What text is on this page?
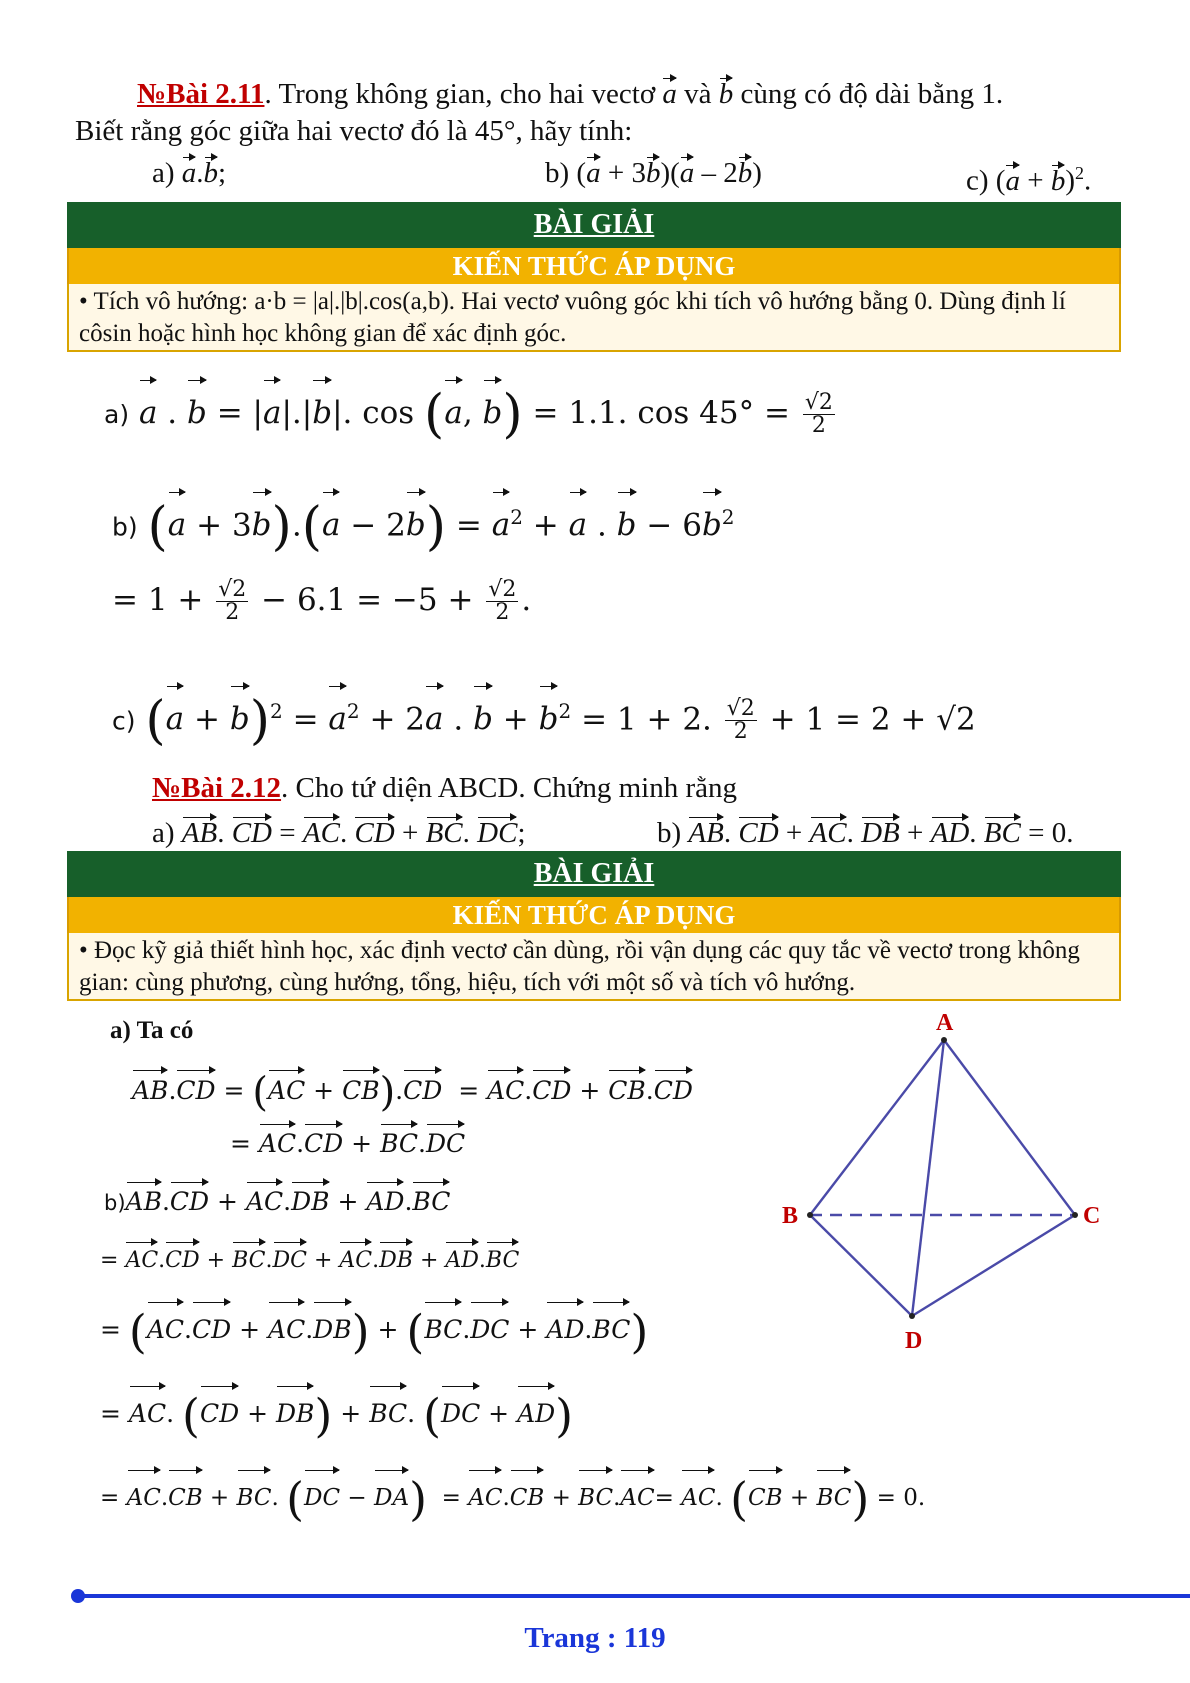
№Bài 2.11. Trong không gian, cho hai vectơ a và b cùng có độ dài bằng 1.
Biết rằng góc giữa hai vectơ đó là 45°, hãy tính:
a) a.b;	b) (a + 3b)(a – 2b)	c) $(a + b)^2$.
BÀI GIẢI
KIẾN THỨC ÁP DỤNG
• Tích vô hướng: a·b = |a|.|b|.cos(a,b). Hai vectơ vuông góc khi tích vô hướng bằng 0. Dùng định lí côsin hoặc hình học không gian để xác định góc.
a) a . b = |a|.|b|. cos (a, b) = 1.1. $\cos 45^\circ = \frac{√2}{2}$
b) $(a + 3b).(a - 2b) = a^2 + a$ . $b - 6b^2$
= $1 + \frac{√2}{2} - 6.1 = -5 + \frac{√2}{2}$ .
c) $(a + b)^2 = a^2 + 2a$ . $b + b^2 = 1 + 2$. $\frac{√2}{2} + 1 = 2 + √2$
№Bài 2.12. Cho tứ diện ABCD. Chứng minh rằng
a) AB. CD = AC. CD + BC. DC;	b) AB. CD + AC. DB + AD. BC = 0.
BÀI GIẢI
KIẾN THỨC ÁP DỤNG
• Đọc kỹ giả thiết hình học, xác định vectơ cần dùng, rồi vận dụng các quy tắc về vectơ trong không gian: cùng phương, cùng hướng, tổng, hiệu, tích với một số và tích vô hướng.
a) Ta có
AB.CD = (AC + CB).CD  = AC.CD + CB.CD
= AC.CD + BC.DC
b)AB.CD + AC.DB + AD.BC
= AC.CD + BC.DC + AC.DB + AD.BC
= (AC.CD + AC.DB) + (BC.DC + AD.BC)
= AC. (CD + DB) + BC. (DC + AD)
= AC.CB + BC. (DC − DA)  = AC.CB + BC.AC= AC. (CB + BC) = 0.
A
B	C
D
Trang : 119
